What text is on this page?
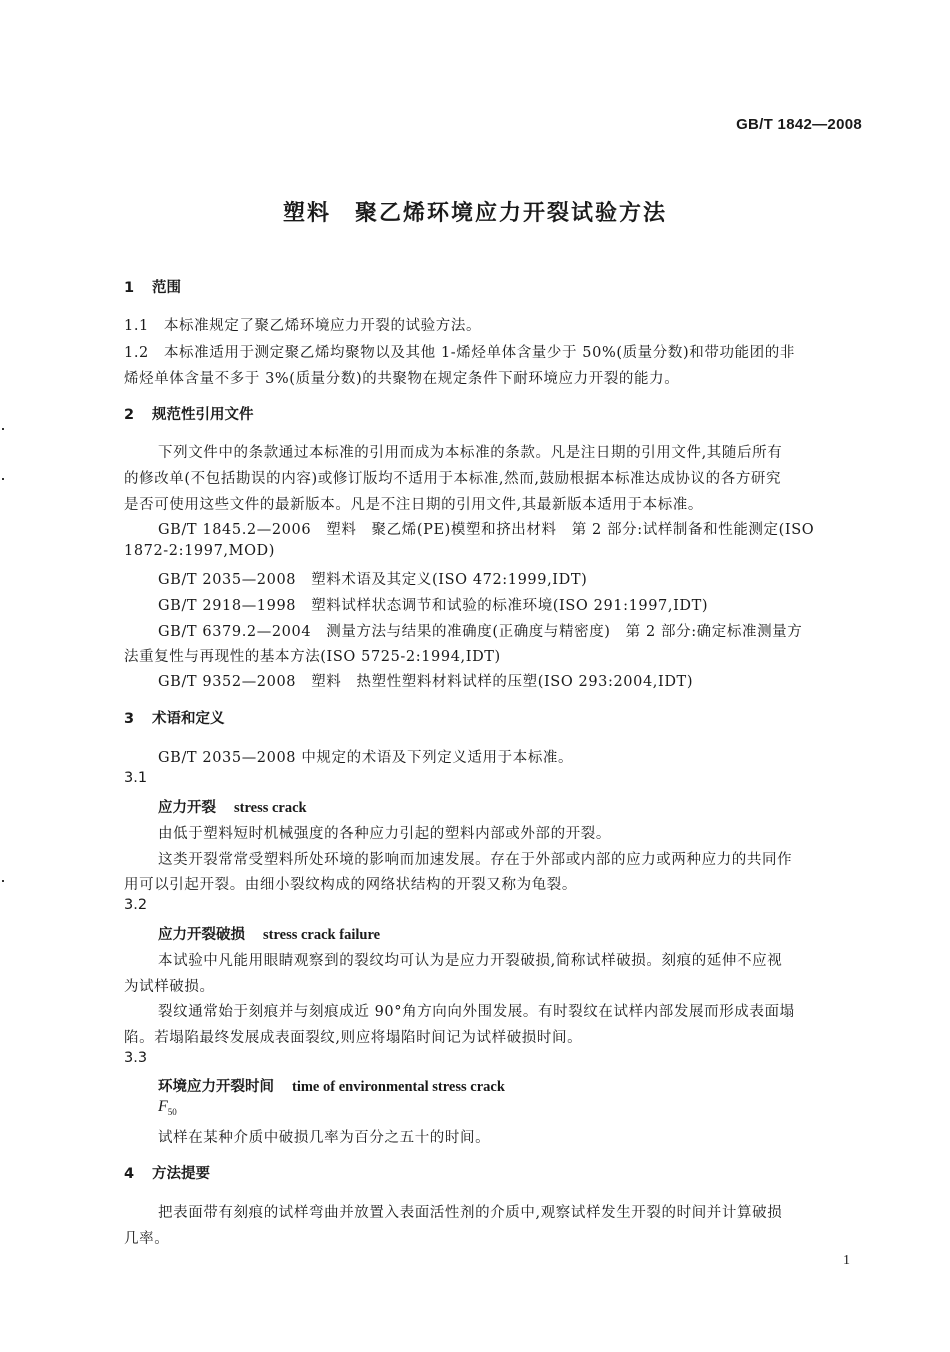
GB/T 1842—2008
塑料 聚乙烯环境应力开裂试验方法
1 范围
1.1　本标准规定了聚乙烯环境应力开裂的试验方法。
1.2　本标准适用于测定聚乙烯均聚物以及其他 1-烯烃单体含量少于 50%(质量分数)和带功能团的非
烯烃单体含量不多于 3%(质量分数)的共聚物在规定条件下耐环境应力开裂的能力。
2 规范性引用文件
下列文件中的条款通过本标准的引用而成为本标准的条款。凡是注日期的引用文件,其随后所有
的修改单(不包括勘误的内容)或修订版均不适用于本标准,然而,鼓励根据本标准达成协议的各方研究
是否可使用这些文件的最新版本。凡是不注日期的引用文件,其最新版本适用于本标准。
GB/T 1845.2—2006　塑料　聚乙烯(PE)模塑和挤出材料　第 2 部分:试样制备和性能测定(ISO
1872-2:1997,MOD)
GB/T 2035—2008　塑料术语及其定义(ISO 472:1999,IDT)
GB/T 2918—1998　塑料试样状态调节和试验的标准环境(ISO 291:1997,IDT)
GB/T 6379.2—2004　测量方法与结果的准确度(正确度与精密度)　第 2 部分:确定标准测量方
法重复性与再现性的基本方法(ISO 5725-2:1994,IDT)
GB/T 9352—2008　塑料　热塑性塑料材料试样的压塑(ISO 293:2004,IDT)
3 术语和定义
GB/T 2035—2008 中规定的术语及下列定义适用于本标准。
3.1
应力开裂 stress crack
由低于塑料短时机械强度的各种应力引起的塑料内部或外部的开裂。
这类开裂常常受塑料所处环境的影响而加速发展。存在于外部或内部的应力或两种应力的共同作
用可以引起开裂。由细小裂纹构成的网络状结构的开裂又称为龟裂。
3.2
应力开裂破损 stress crack failure
本试验中凡能用眼睛观察到的裂纹均可认为是应力开裂破损,简称试样破损。刻痕的延伸不应视
为试样破损。
裂纹通常始于刻痕并与刻痕成近 90°角方向向外围发展。有时裂纹在试样内部发展而形成表面塌
陷。若塌陷最终发展成表面裂纹,则应将塌陷时间记为试样破损时间。
3.3
环境应力开裂时间 time of environmental stress crack
$F_{50}$
试样在某种介质中破损几率为百分之五十的时间。
4 方法提要
把表面带有刻痕的试样弯曲并放置入表面活性剂的介质中,观察试样发生开裂的时间并计算破损
几率。
1
